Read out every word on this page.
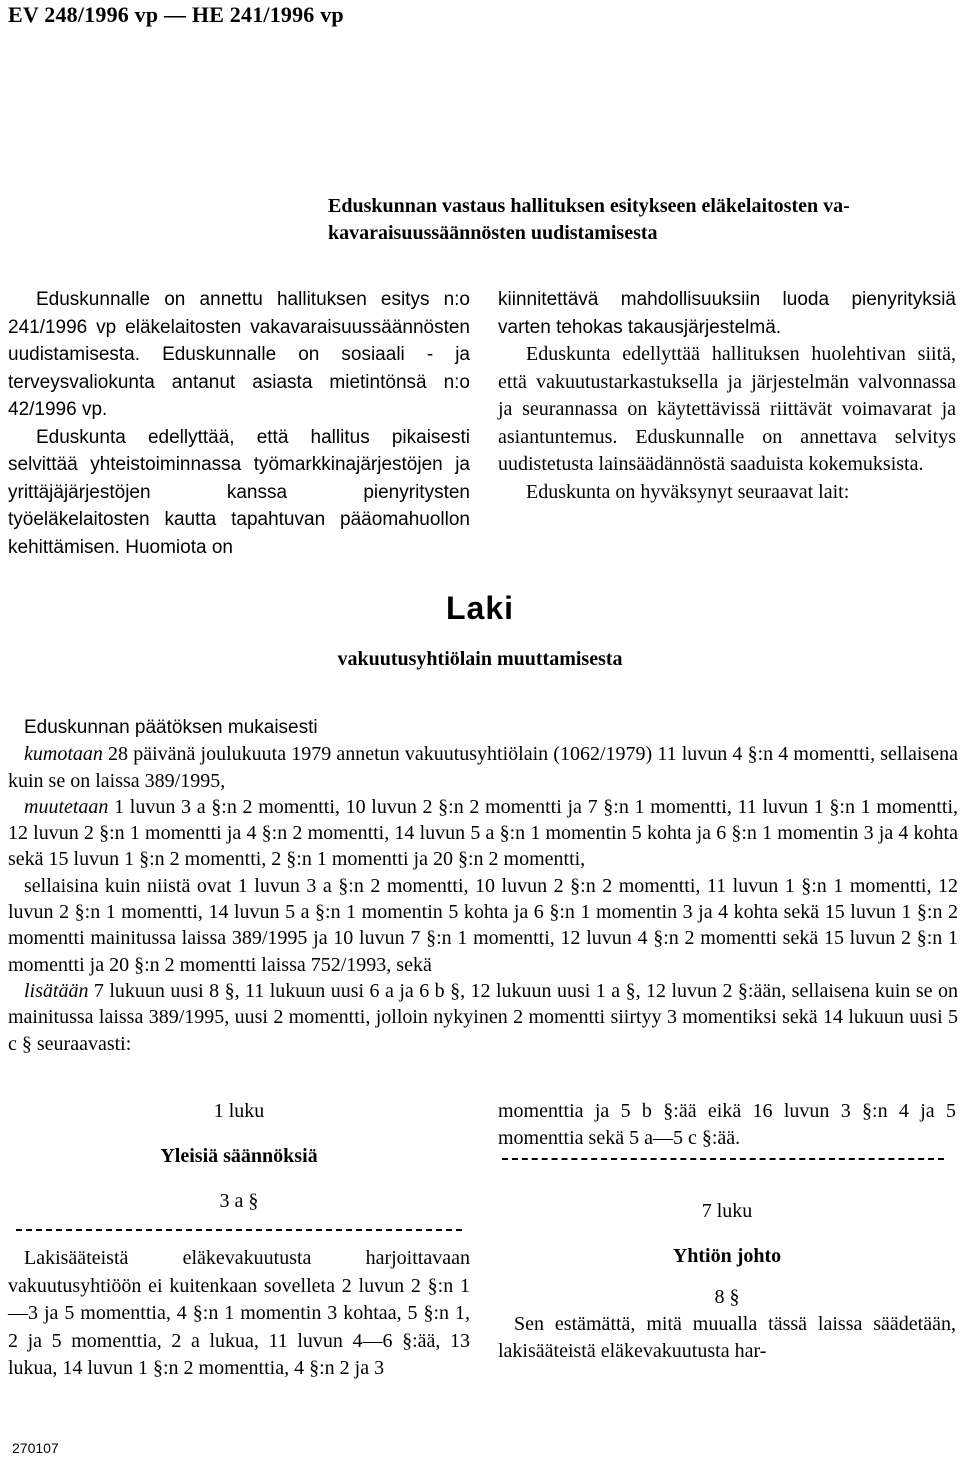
EV 248/1996 vp — HE 241/1996 vp
Eduskunnan vastaus hallituksen esitykseen eläkelaitosten va-
kavaraisuussäännösten uudistamisesta

Eduskunnalle on annettu hallituksen esitys n:o 241/1996 vp eläkelaitosten vakavaraisuussäännösten uudistamisesta. Eduskunnalle on sosiaali - ja terveysvaliokunta antanut asiasta mietintönsä n:o 42/1996 vp.

Eduskunta edellyttää, että hallitus pikaisesti selvittää yhteistoiminnassa työmarkkinajärjestöjen ja yrittäjäjärjestöjen kanssa pienyritysten työeläkelaitosten kautta tapahtuvan pääomahuollon kehittämisen. Huomiota on

kiinnitettävä mahdollisuuksiin luoda pienyrityksiä varten tehokas takausjärjestelmä.

Eduskunta edellyttää hallituksen huolehtivan siitä, että vakuutustarkastuksella ja järjestelmän valvonnassa ja seurannassa on käytettävissä riittävät voimavarat ja asiantuntemus. Eduskunnalle on annettava selvitys uudistetusta lainsäädännöstä saaduista kokemuksista.

Eduskunta on hyväksynyt seuraavat lait:

Laki
vakuutusyhtiölain muuttamisesta

Eduskunnan päätöksen mukaisesti

kumotaan 28 päivänä joulukuuta 1979 annetun vakuutusyhtiölain (1062/1979) 11 luvun 4 §:n 4 momentti, sellaisena kuin se on laissa 389/1995,

muutetaan 1 luvun 3 a §:n 2 momentti, 10 luvun 2 §:n 2 momentti ja 7 §:n 1 momentti, 11 luvun 1 §:n 1 momentti, 12 luvun 2 §:n 1 momentti ja 4 §:n 2 momentti, 14 luvun 5 a §:n 1 momentin 5 kohta ja 6 §:n 1 momentin 3 ja 4 kohta sekä 15 luvun 1 §:n 2 momentti, 2 §:n 1 momentti ja 20 §:n 2 momentti,

sellaisina kuin niistä ovat 1 luvun 3 a §:n 2 momentti, 10 luvun 2 §:n 2 momentti, 11 luvun 1 §:n 1 momentti, 12 luvun 2 §:n 1 momentti, 14 luvun 5 a §:n 1 momentin 5 kohta ja 6 §:n 1 momentin 3 ja 4 kohta sekä 15 luvun 1 §:n 2 momentti mainitussa laissa 389/1995 ja 10 luvun 7 §:n 1 momentti, 12 luvun 4 §:n 2 momentti sekä 15 luvun 2 §:n 1 momentti ja 20 §:n 2 momentti laissa 752/1993, sekä

lisätään 7 lukuun uusi 8 §, 11 lukuun uusi 6 a ja 6 b §, 12 lukuun uusi 1 a §, 12 luvun 2 §:ään, sellaisena kuin se on mainitussa laissa 389/1995, uusi 2 momentti, jolloin nykyinen 2 momentti siirtyy 3 momentiksi sekä 14 lukuun uusi 5 c § seuraavasti:

1 luku

Yleisiä säännöksiä

3 a §

Lakisääteistä eläkevakuutusta harjoittavaan vakuutusyhtiöön ei kuitenkaan sovelleta 2 luvun 2 §:n 1—3 ja 5 momenttia, 4 §:n 1 momentin 3 kohtaa, 5 §:n 1, 2 ja 5 momenttia, 2 a lukua, 11 luvun 4—6 §:ää, 13 lukua, 14 luvun 1 §:n 2 momenttia, 4 §:n 2 ja 3

momenttia ja 5 b §:ää eikä 16 luvun 3 §:n 4 ja 5 momenttia sekä 5 a—5 c §:ää.

7 luku

Yhtiön johto

8 §

Sen estämättä, mitä muualla tässä laissa säädetään, lakisääteistä eläkevakuutusta har-

270107
